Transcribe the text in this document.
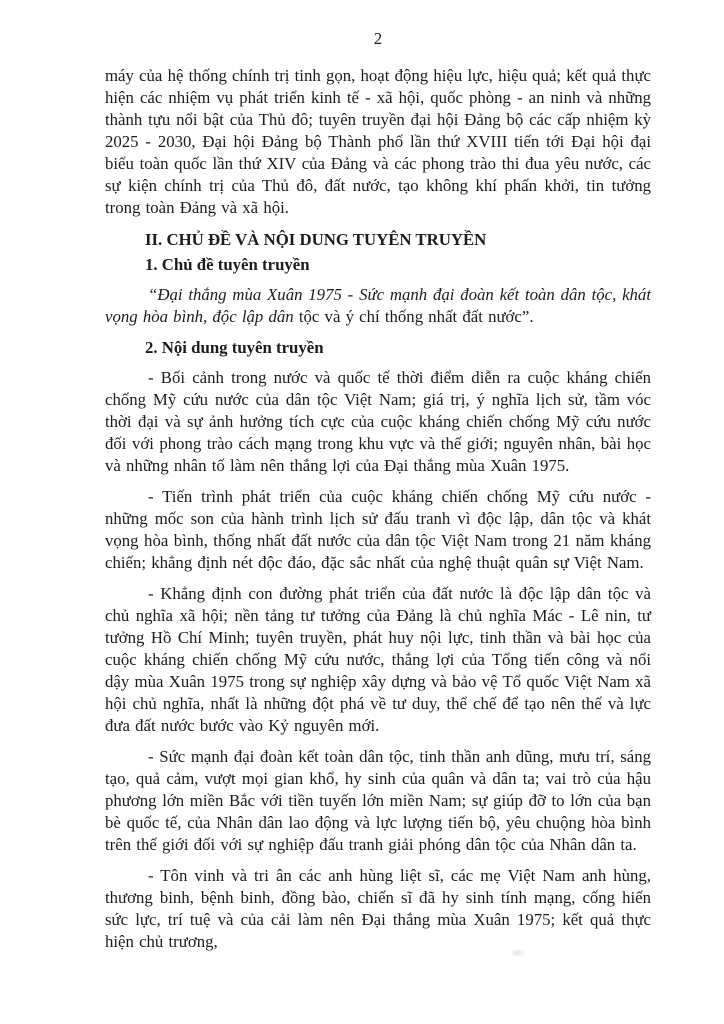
2

máy của hệ thống chính trị tinh gọn, hoạt động hiệu lực, hiệu quả; kết quả thực hiện các nhiệm vụ phát triển kinh tế - xã hội, quốc phòng - an ninh và những thành tựu nổi bật của Thủ đô; tuyên truyền đại hội Đảng bộ các cấp nhiệm kỳ 2025 - 2030, Đại hội Đảng bộ Thành phố lần thứ XVIII tiến tới Đại hội đại biểu toàn quốc lần thứ XIV của Đảng và các phong trào thi đua yêu nước, các sự kiện chính trị của Thủ đô, đất nước, tạo không khí phấn khởi, tin tưởng trong toàn Đảng và xã hội.

II. CHỦ ĐỀ VÀ NỘI DUNG TUYÊN TRUYỀN
1. Chủ đề tuyên truyền

“Đại thắng mùa Xuân 1975 - Sức mạnh đại đoàn kết toàn dân tộc, khát vọng hòa bình, độc lập dân tộc và ý chí thống nhất đất nước”.

2. Nội dung tuyên truyền

- Bối cảnh trong nước và quốc tế thời điểm diễn ra cuộc kháng chiến chống Mỹ cứu nước của dân tộc Việt Nam; giá trị, ý nghĩa lịch sử, tầm vóc thời đại và sự ảnh hưởng tích cực của cuộc kháng chiến chống Mỹ cứu nước đối với phong trào cách mạng trong khu vực và thế giới; nguyên nhân, bài học và những nhân tố làm nên thắng lợi của Đại thắng mùa Xuân 1975.

- Tiến trình phát triển của cuộc kháng chiến chống Mỹ cứu nước - những mốc son của hành trình lịch sử đấu tranh vì độc lập, dân tộc và khát vọng hòa bình, thống nhất đất nước của dân tộc Việt Nam trong 21 năm kháng chiến; khẳng định nét độc đáo, đặc sắc nhất của nghệ thuật quân sự Việt Nam.

- Khẳng định con đường phát triển của đất nước là độc lập dân tộc và chủ nghĩa xã hội; nền tảng tư tưởng của Đảng là chủ nghĩa Mác - Lê nin, tư tưởng Hồ Chí Minh; tuyên truyền, phát huy nội lực, tinh thần và bài học của cuộc kháng chiến chống Mỹ cứu nước, thắng lợi của Tổng tiến công và nổi dậy mùa Xuân 1975 trong sự nghiệp xây dựng và bảo vệ Tổ quốc Việt Nam xã hội chủ nghĩa, nhất là những đột phá về tư duy, thể chế để tạo nên thế và lực đưa đất nước bước vào Kỷ nguyên mới.

- Sức mạnh đại đoàn kết toàn dân tộc, tinh thần anh dũng, mưu trí, sáng tạo, quả cảm, vượt mọi gian khổ, hy sinh của quân và dân ta; vai trò của hậu phương lớn miền Bắc với tiền tuyến lớn miền Nam; sự giúp đỡ to lớn của bạn bè quốc tế, của Nhân dân lao động và lực lượng tiến bộ, yêu chuộng hòa bình trên thế giới đối với sự nghiệp đấu tranh giải phóng dân tộc của Nhân dân ta.

- Tôn vinh và tri ân các anh hùng liệt sĩ, các mẹ Việt Nam anh hùng, thương binh, bệnh binh, đồng bào, chiến sĩ đã hy sinh tính mạng, cống hiến sức lực, trí tuệ và của cải làm nên Đại thắng mùa Xuân 1975; kết quả thực hiện chủ trương,
